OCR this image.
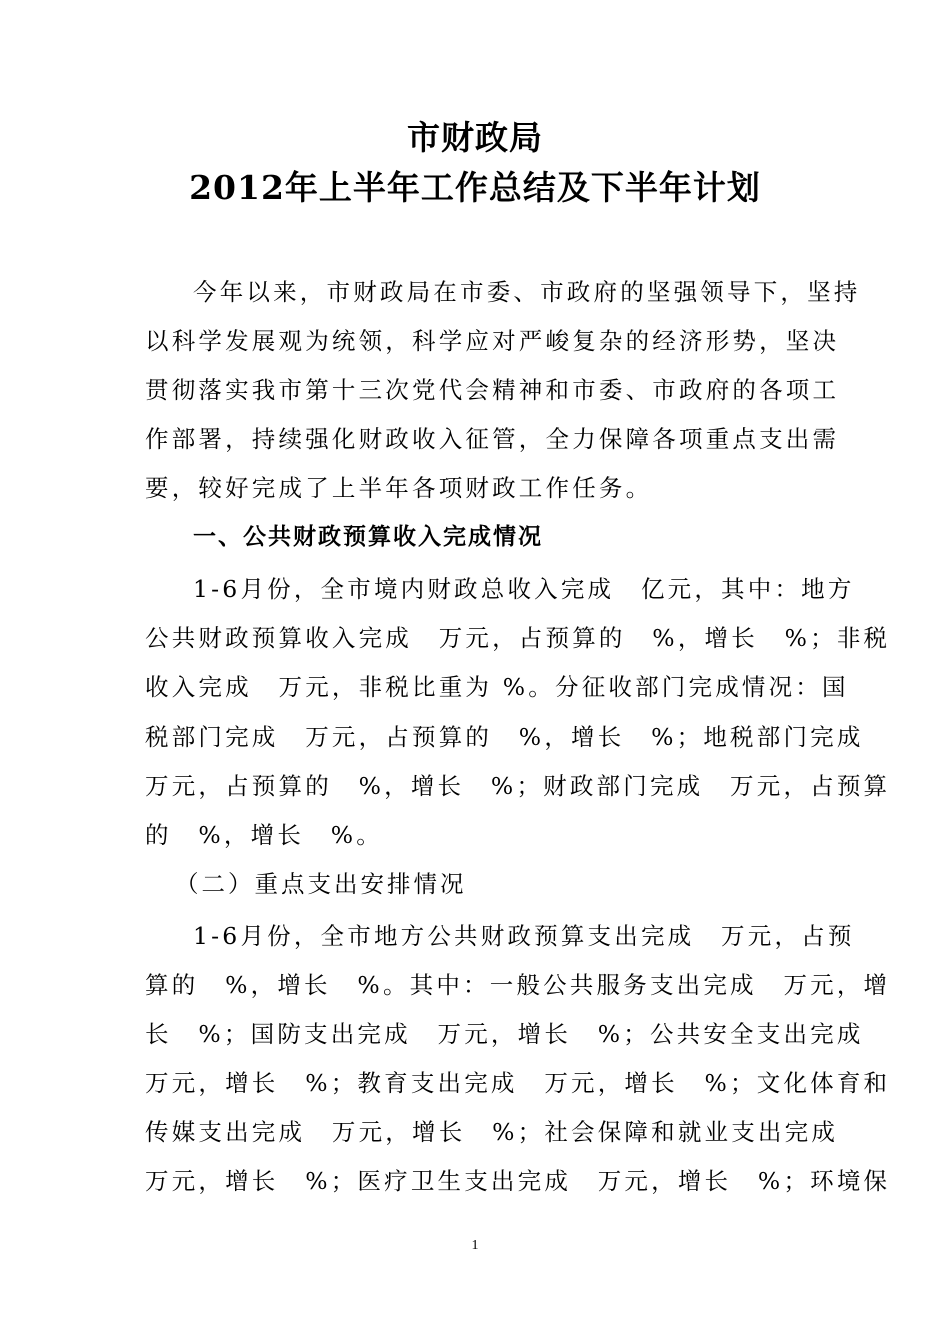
市财政局
2012年上半年工作总结及下半年计划
今年以来，市财政局在市委、市政府的坚强领导下，坚持
以科学发展观为统领，科学应对严峻复杂的经济形势，坚决
贯彻落实我市第十三次党代会精神和市委、市政府的各项工
作部署，持续强化财政收入征管，全力保障各项重点支出需
要，较好完成了上半年各项财政工作任务。
一、公共财政预算收入完成情况
1-6月份，全市境内财政总收入完成　亿元，其中：地方
公共财政预算收入完成　万元，占预算的　%，增长　%；非税
收入完成　万元，非税比重为 %。分征收部门完成情况：国
税部门完成　万元，占预算的　%，增长　%；地税部门完成
万元，占预算的　%，增长　%；财政部门完成　万元，占预算
的　%，增长　%。
（二）重点支出安排情况
1-6月份，全市地方公共财政预算支出完成　万元，占预
算的　%，增长　%。其中：一般公共服务支出完成　万元，增
长　%；国防支出完成　万元，增长　%；公共安全支出完成
万元，增长　%；教育支出完成　万元，增长　%；文化体育和
传媒支出完成　万元，增长　%；社会保障和就业支出完成
万元，增长　%；医疗卫生支出完成　万元，增长　%；环境保
1
